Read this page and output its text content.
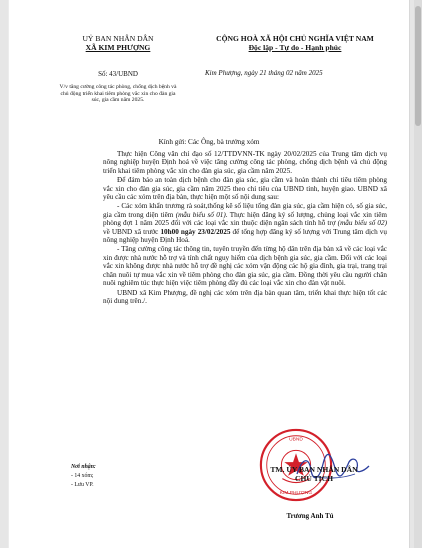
UỶ BAN NHÂN DÂN
XÃ KIM PHƯỢNG
Số: 43/UBND
V/v tăng cường công tác phòng, chống dịch bệnh và chủ động triển khai tiêm phòng vắc xin cho đàn gia súc, gia cầm năm 2025.
CỘNG HOÀ XÃ HỘI CHỦ NGHĨA VIỆT NAM
Độc lập - Tự do - Hạnh phúc
Kim Phượng, ngày 21 tháng 02 năm 2025
Kính gửi: Các Ông, bà trưởng xóm

Thực hiện Công văn chỉ đạo số 12/TTDVNN-TK ngày 20/02/2025 của Trung tâm dịch vụ nông nghiệp huyện Định hoá về việc tăng cường công tác phòng, chống dịch bệnh và chủ động triển khai tiêm phòng vắc xin cho đàn gia súc, gia cầm năm 2025.

Để đảm bảo an toàn dịch bệnh cho đàn gia súc, gia cầm và hoàn thành chỉ tiêu tiêm phòng vắc xin cho đàn gia súc, gia cầm năm 2025 theo chỉ tiêu của UBND tỉnh, huyện giao. UBND xã yêu cầu các xóm trên địa bàn, thực hiện một số nội dung sau:

- Các xóm khẩn trương rà soát,thống kê số liệu tổng đàn gia súc, gia cầm hiện có, số gia súc, gia cầm trong diện tiêm (mẫu biểu số 01). Thực hiện đăng ký số lượng, chủng loại vắc xin tiêm phòng đợt 1 năm 2025 đối với các loại vắc xin thuộc diện ngân sách tỉnh hỗ trợ (mẫu biểu số 02) về UBND xã trước 10h00 ngày 23/02/2025 để tổng hợp đăng ký số lượng với Trung tâm dịch vụ nông nghiệp huyện Định Hoá.

- Tăng cường công tác thông tin, tuyên truyền đến từng hộ dân trên địa bàn xã về các loại vắc xin được nhà nước hỗ trợ và tính chất nguy hiểm của dịch bệnh gia súc, gia cầm. Đối với các loại vắc xin không được nhà nước hỗ trợ đề nghị các xóm vận động các hộ gia đình, gia trại, trang trại chăn nuôi tự mua vắc xin về tiêm phòng cho đàn gia súc, gia cầm. Đồng thời yêu cầu người chăn nuôi nghiêm túc thực hiện việc tiêm phòng đầy đủ các loại vắc xin cho đàn vật nuôi.

UBND xã Kim Phượng, đề nghị các xóm trên địa bàn quan tâm, triển khai thực hiện tốt các nội dung trên./.

Nơi nhận:
- 14 xóm;
- Lưu VP.
UBND
KIM PHƯỢNG
TM. ỦY BAN NHÂN DÂN
CHỦ TỊCH
Trương Anh Tú
